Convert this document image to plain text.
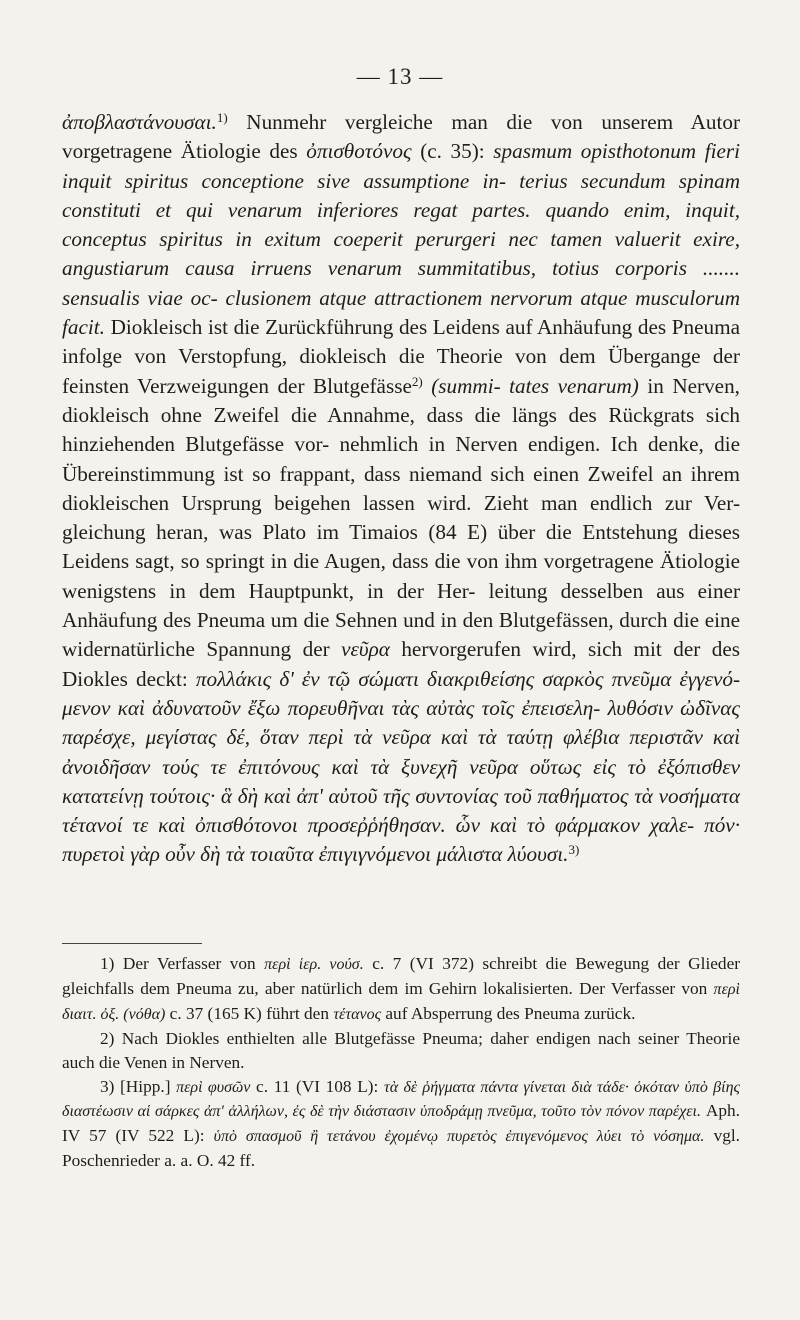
— 13 —

ἀποβλαστάνουσαι.$^{1)}$ Nunmehr vergleiche man die von unserem Autor vorgetragene Ätiologie des ὀπισθοτόνος (c. 35): spasmum opisthotonum fieri inquit spiritus conceptione sive assumptione in- terius secundum spinam constituti et qui venarum inferiores regat partes. quando enim, inquit, conceptus spiritus in exitum coeperit perurgeri nec tamen valuerit exire, angustiarum causa irruens venarum summitatibus, totius corporis ....... sensualis viae oc- clusionem atque attractionem nervorum atque musculorum facit. Diokleisch ist die Zurückführung des Leidens auf Anhäufung des Pneuma infolge von Verstopfung, diokleisch die Theorie von dem Übergange der feinsten Verzweigungen der Blutgefässe$^{2)}$ (summi- tates venarum) in Nerven, diokleisch ohne Zweifel die Annahme, dass die längs des Rückgrats sich hinziehenden Blutgefässe vor- nehmlich in Nerven endigen. Ich denke, die Übereinstimmung ist so frappant, dass niemand sich einen Zweifel an ihrem diokleischen Ursprung beigehen lassen wird. Zieht man endlich zur Ver- gleichung heran, was Plato im Timaios (84 E) über die Entstehung dieses Leidens sagt, so springt in die Augen, dass die von ihm vorgetragene Ätiologie wenigstens in dem Hauptpunkt, in der Her- leitung desselben aus einer Anhäufung des Pneuma um die Sehnen und in den Blutgefässen, durch die eine widernatürliche Spannung der νεῦρα hervorgerufen wird, sich mit der des Diokles deckt: πολλάκις δ' ἐν τῷ σώματι διακριθείσης σαρκὸς πνεῦμα ἐγγενό- μενον καὶ ἀδυνατοῦν ἔξω πορευθῆναι τὰς αὐτὰς τοῖς ἐπεισελη- λυθόσιν ὠδῖνας παρέσχε, μεγίστας δέ, ὅταν περὶ τὰ νεῦρα καὶ τὰ ταύτῃ φλέβια περιστᾶν καὶ ἀνοιδῆσαν τούς τε ἐπιτόνους καὶ τὰ ξυνεχῆ νεῦρα οὕτως εἰς τὸ ἐξόπισθεν κατατείνῃ τούτοις· ἃ δὴ καὶ ἀπ' αὐτοῦ τῆς συντονίας τοῦ παθήματος τὰ νοσήματα τέτανοί τε καὶ ὀπισθότονοι προσεῤῥήθησαν. ὧν καὶ τὸ φάρμακον χαλε- πόν· πυρετοὶ γὰρ οὖν δὴ τὰ τοιαῦτα ἐπιγιγνόμενοι μάλιστα λύουσι.$^{3)}$

1) Der Verfasser von περὶ ἱερ. νούσ. c. 7 (VI 372) schreibt die Bewegung der Glieder gleichfalls dem Pneuma zu, aber natürlich dem im Gehirn lokalisierten. Der Verfasser von περὶ διαιτ. ὀξ. (νόθα) c. 37 (165 K) führt den τέτανος auf Absperrung des Pneuma zurück.

2) Nach Diokles enthielten alle Blutgefässe Pneuma; daher endigen nach seiner Theorie auch die Venen in Nerven.

3) [Hipp.] περὶ φυσῶν c. 11 (VI 108 L): τὰ δὲ ῥήγματα πάντα γίνεται διὰ τάδε· ὁκόταν ὑπὸ βίης διαστέωσιν αἱ σάρκες ἀπ' ἀλλήλων, ἐς δὲ τὴν διάστασιν ὑποδράμῃ πνεῦμα, τοῦτο τὸν πόνον παρέχει. Aph. IV 57 (IV 522 L): ὑπὸ σπασμοῦ ἢ τετάνου ἐχομένῳ πυρετὸς ἐπιγενόμενος λύει τὸ νόσημα. vgl. Poschenrieder a. a. O. 42 ff.
